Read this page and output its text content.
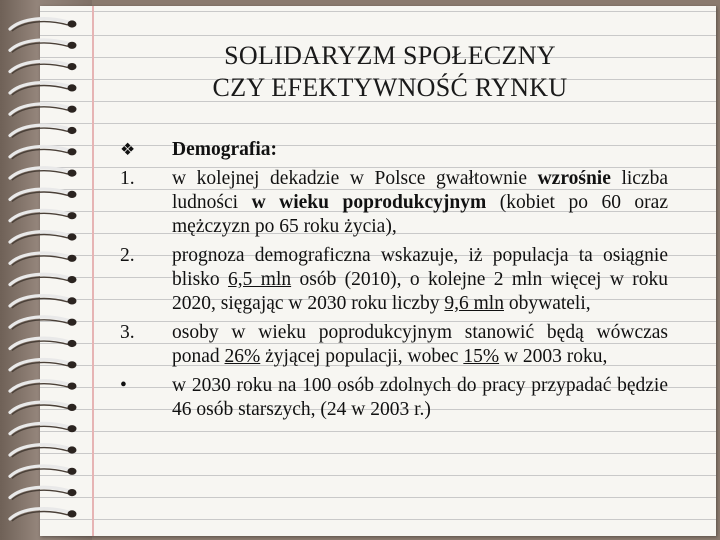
SOLIDARYZM SPOŁECZNY
CZY EFEKTYWNOŚĆ RYNKU
❖	Demografia:
1.	w kolejnej dekadzie w Polsce gwałtownie wzrośnie liczba ludności w wieku poprodukcyjnym (kobiet po 60 oraz mężczyzn po 65 roku życia),
2.	prognoza demograficzna wskazuje, iż populacja ta osiągnie blisko 6,5 mln osób (2010), o kolejne 2 mln więcej w roku 2020, sięgając w 2030 roku liczby 9,6 mln obywateli,
3.	osoby w wieku poprodukcyjnym stanowić będą wówczas ponad 26% żyjącej populacji, wobec 15% w 2003 roku,
•	w 2030 roku na 100 osób zdolnych do pracy przypadać będzie 46 osób starszych, (24 w 2003 r.)
